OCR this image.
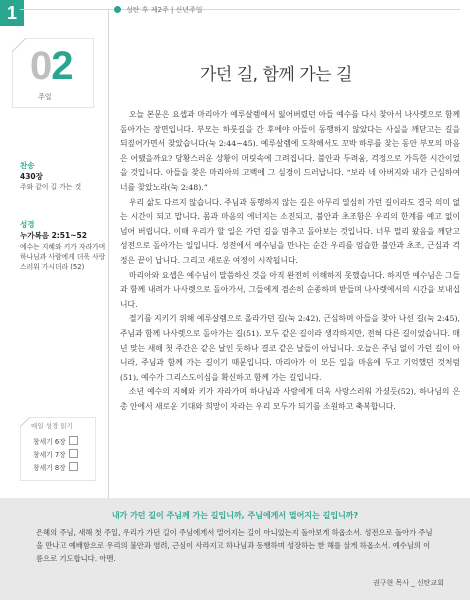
1	성탄 후 제2주 | 신년주일
02
주일
가던 길, 함께 가는 길
찬송
430장
주와 같이 길 가는 것
성경
누가복음 2:51~52
예수는 지혜와 키가 자라가며 하나님과 사람에게 더욱 사랑스러워 가시더라 (52)
매일 성경 읽기
창세기 6장
창세기 7장
창세기 8장

오늘 본문은 요셉과 마리아가 예루살렘에서 잃어버렸던 아들 예수를 다시 찾아서 나사렛으로 함께 돌아가는 장면입니다. 부모는 하룻길을 간 후에야 아들이 동행하지 않았다는 사실을 깨닫고는 길을 되짚어가면서 찾았습니다(눅 2:44~45). 예루살렘에 도착해서도 꼬박 하루를 찾는 동안 부모의 마음은 어땠을까요? 당황스러운 상황이 머릿속에 그려집니다. 불안과 두려움, 걱정으로 가득한 시간이었을 것입니다. 아들을 찾은 마리아의 고백에 그 심경이 드러납니다. “보라 네 아버지와 내가 근심하여 너를 찾았노라(눅 2:48).”

우리 삶도 다르지 않습니다. 주님과 동행하지 않는 길은 아무리 열심히 가던 길이라도 결국 의미 없는 시간이 되고 맙니다. 몸과 마음의 에너지는 소진되고, 불안과 초조함은 우리의 한계를 예고 없이 넘어 버립니다. 이때 우리가 할 일은 가던 길을 멈추고 돌아보는 것입니다. 너무 멀리 왔음을 깨닫고 성전으로 돌아가는 일입니다. 성전에서 예수님을 만나는 순간 우리를 엄습한 불안과 초조, 근심과 걱정은 끝이 납니다. 그리고 새로운 여정이 시작됩니다.

마리아와 요셉은 예수님이 말씀하신 것을 아직 완전히 이해하지 못했습니다. 하지만 예수님은 그들과 함께 내려가 나사렛으로 돌아가서, 그들에게 겸손히 순종하며 받들며 나사렛에서의 시간을 보내십니다.

절기를 지키기 위해 예루살렘으로 올라가던 길(눅 2:42), 근심하며 아들을 찾아 나선 길(눅 2:45), 주님과 함께 나사렛으로 돌아가는 길(51). 모두 같은 길이라 생각하지만, 전혀 다른 길이었습니다. 매년 맞는 새해 첫 주간은 같은 날인 듯하나 결코 같은 날들이 아닙니다. 오늘은 주님 없이 가던 길이 아니라, 주님과 함께 가는 길이기 때문입니다. 마리아가 이 모든 일을 마음에 두고 기억했던 것처럼(51), 예수가 그리스도이심을 확신하고 함께 가는 길입니다.

소년 예수의 지혜와 키가 자라가며 하나님과 사람에게 더욱 사랑스러워 가셨듯(52), 하나님의 은총 안에서 새로운 기대와 희망이 자라는 우리 모두가 되기를 소원하고 축복합니다.

내가 가던 길이 주님께 가는 길입니까, 주님에게서 멀어지는 길입니까?
은혜의 주님, 새해 첫 주일, 우리가 가던 길이 주님에게서 멀어지는 길이 아니었는지 돌아보게 하옵소서. 성전으로 돌아가 주님을 만나고 예배함으로 우리의 불안과 염려, 근심이 사라지고 하나님과 동행하며 성장하는 한 해를 살게 하옵소서. 예수님의 이름으로 기도합니다. 아멘.
권구현 목사 _ 신탄교회
